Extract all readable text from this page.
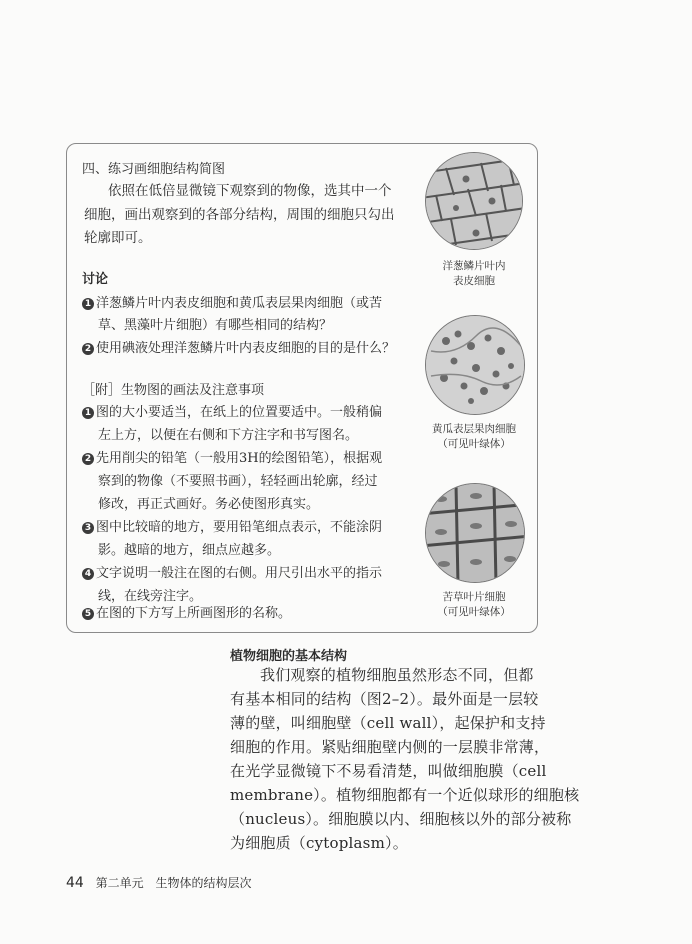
四、练习画细胞结构简图
依照在低倍显微镜下观察到的物像，选其中一个
细胞，画出观察到的各部分结构，周围的细胞只勾出
轮廓即可。
讨论
1 洋葱鳞片叶内表皮细胞和黄瓜表层果肉细胞（或苦
草、黑藻叶片细胞）有哪些相同的结构？
2 使用碘液处理洋葱鳞片叶内表皮细胞的目的是什么？
［附］生物图的画法及注意事项
1 图的大小要适当，在纸上的位置要适中。一般稍偏
左上方，以便在右侧和下方注字和书写图名。
2 先用削尖的铅笔（一般用3H的绘图铅笔），根据观
察到的物像（不要照书画），轻轻画出轮廓，经过
修改，再正式画好。务必使图形真实。
3 图中比较暗的地方，要用铅笔细点表示，不能涂阴
影。越暗的地方，细点应越多。
4 文字说明一般注在图的右侧。用尺引出水平的指示
线，在线旁注字。
5 在图的下方写上所画图形的名称。
洋葱鳞片叶内
表皮细胞
黄瓜表层果肉细胞
（可见叶绿体）
苦草叶片细胞
（可见叶绿体）
植物细胞的基本结构
我们观察的植物细胞虽然形态不同，但都
有基本相同的结构（图2–2）。最外面是一层较
薄的壁，叫细胞壁（cell wall），起保护和支持
细胞的作用。紧贴细胞壁内侧的一层膜非常薄，
在光学显微镜下不易看清楚，叫做细胞膜（cell
membrane）。植物细胞都有一个近似球形的细胞核
（nucleus）。细胞膜以内、细胞核以外的部分被称
为细胞质（cytoplasm）。
44 第二单元 生物体的结构层次
